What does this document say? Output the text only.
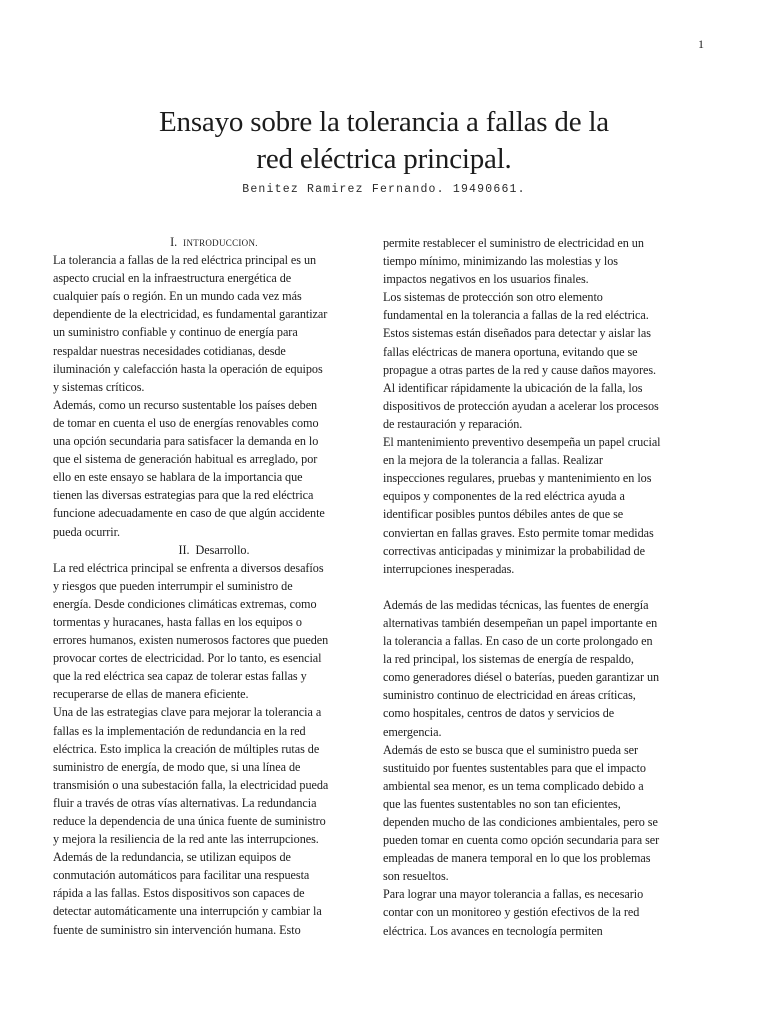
1
Ensayo sobre la tolerancia a fallas de la
red eléctrica principal.
Benitez Ramirez Fernando. 19490661.
I. INTRODUCCION.
La tolerancia a fallas de la red eléctrica principal es un
aspecto crucial en la infraestructura energética de
cualquier país o región. En un mundo cada vez más
dependiente de la electricidad, es fundamental garantizar
un suministro confiable y continuo de energía para
respaldar nuestras necesidades cotidianas, desde
iluminación y calefacción hasta la operación de equipos
y sistemas críticos.
Además, como un recurso sustentable los países deben
de tomar en cuenta el uso de energías renovables como
una opción secundaria para satisfacer la demanda en lo
que el sistema de generación habitual es arreglado, por
ello en este ensayo se hablara de la importancia que
tienen las diversas estrategias para que la red eléctrica
funcione adecuadamente en caso de que algún accidente
pueda ocurrir.
II. Desarrollo.
La red eléctrica principal se enfrenta a diversos desafíos
y riesgos que pueden interrumpir el suministro de
energía. Desde condiciones climáticas extremas, como
tormentas y huracanes, hasta fallas en los equipos o
errores humanos, existen numerosos factores que pueden
provocar cortes de electricidad. Por lo tanto, es esencial
que la red eléctrica sea capaz de tolerar estas fallas y
recuperarse de ellas de manera eficiente.
Una de las estrategias clave para mejorar la tolerancia a
fallas es la implementación de redundancia en la red
eléctrica. Esto implica la creación de múltiples rutas de
suministro de energía, de modo que, si una línea de
transmisión o una subestación falla, la electricidad pueda
fluir a través de otras vías alternativas. La redundancia
reduce la dependencia de una única fuente de suministro
y mejora la resiliencia de la red ante las interrupciones.
Además de la redundancia, se utilizan equipos de
conmutación automáticos para facilitar una respuesta
rápida a las fallas. Estos dispositivos son capaces de
detectar automáticamente una interrupción y cambiar la
fuente de suministro sin intervención humana. Esto
permite restablecer el suministro de electricidad en un
tiempo mínimo, minimizando las molestias y los
impactos negativos en los usuarios finales.
Los sistemas de protección son otro elemento
fundamental en la tolerancia a fallas de la red eléctrica.
Estos sistemas están diseñados para detectar y aislar las
fallas eléctricas de manera oportuna, evitando que se
propague a otras partes de la red y cause daños mayores.
Al identificar rápidamente la ubicación de la falla, los
dispositivos de protección ayudan a acelerar los procesos
de restauración y reparación.
El mantenimiento preventivo desempeña un papel crucial
en la mejora de la tolerancia a fallas. Realizar
inspecciones regulares, pruebas y mantenimiento en los
equipos y componentes de la red eléctrica ayuda a
identificar posibles puntos débiles antes de que se
conviertan en fallas graves. Esto permite tomar medidas
correctivas anticipadas y minimizar la probabilidad de
interrupciones inesperadas.
Además de las medidas técnicas, las fuentes de energía
alternativas también desempeñan un papel importante en
la tolerancia a fallas. En caso de un corte prolongado en
la red principal, los sistemas de energía de respaldo,
como generadores diésel o baterías, pueden garantizar un
suministro continuo de electricidad en áreas críticas,
como hospitales, centros de datos y servicios de
emergencia.
Además de esto se busca que el suministro pueda ser
sustituido por fuentes sustentables para que el impacto
ambiental sea menor, es un tema complicado debido a
que las fuentes sustentables no son tan eficientes,
dependen mucho de las condiciones ambientales, pero se
pueden tomar en cuenta como opción secundaria para ser
empleadas de manera temporal en lo que los problemas
son resueltos.
Para lograr una mayor tolerancia a fallas, es necesario
contar con un monitoreo y gestión efectivos de la red
eléctrica. Los avances en tecnología permiten
